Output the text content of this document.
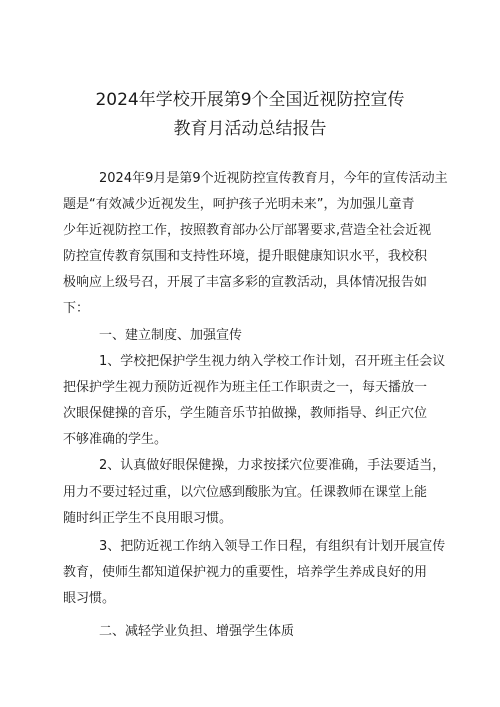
2024年学校开展第9个全国近视防控宣传
教育月活动总结报告
2024年9月是第9个近视防控宣传教育月，今年的宣传活动主
题是“有效减少近视发生，呵护孩子光明未来”，为加强儿童青
少年近视防控工作，按照教育部办公厅部署要求,营造全社会近视
防控宣传教育氛围和支持性环境，提升眼健康知识水平，我校积
极响应上级号召，开展了丰富多彩的宣教活动，具体情况报告如
下：
一、建立制度、加强宣传
1、学校把保护学生视力纳入学校工作计划，召开班主任会议
把保护学生视力预防近视作为班主任工作职责之一，每天播放一
次眼保健操的音乐，学生随音乐节拍做操，教师指导、纠正穴位
不够准确的学生。
2、认真做好眼保健操，力求按揉穴位要准确，手法要适当，
用力不要过轻过重，以穴位感到酸胀为宜。任课教师在课堂上能
随时纠正学生不良用眼习惯。
3、把防近视工作纳入领导工作日程，有组织有计划开展宣传
教育，使师生都知道保护视力的重要性，培养学生养成良好的用
眼习惯。
二、减轻学业负担、增强学生体质
